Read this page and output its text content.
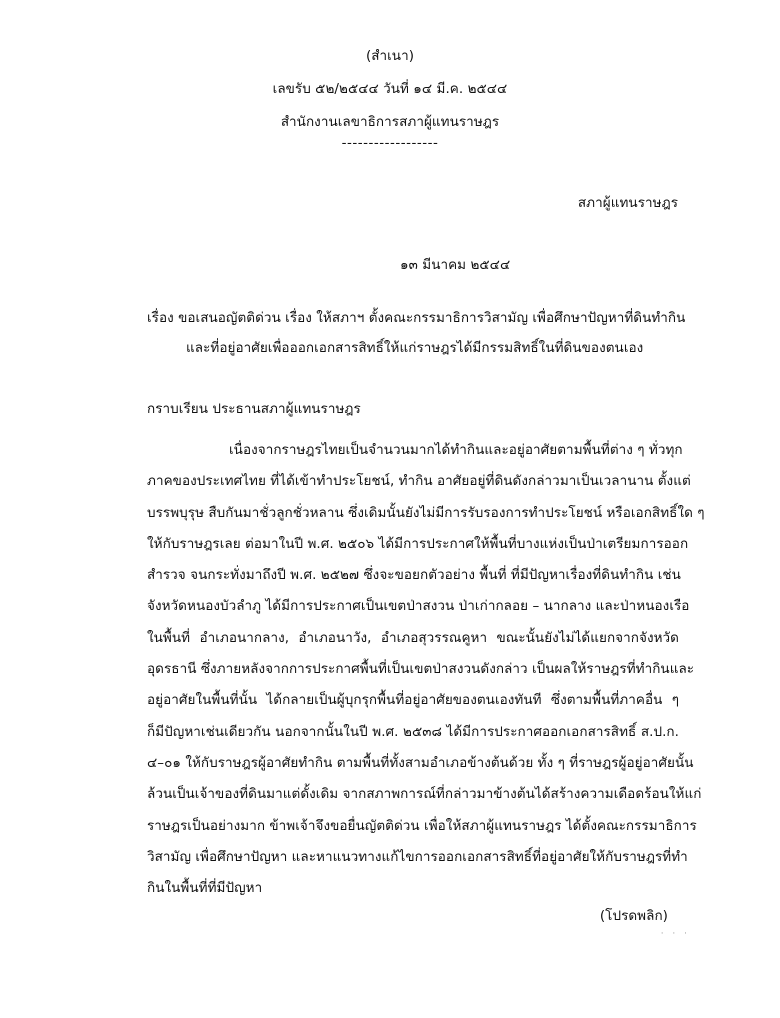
(สำเนา)
เลขรับ ๕๒/๒๕๔๔ วันที่ ๑๔ มี.ค. ๒๕๔๔
สำนักงานเลขาธิการสภาผู้แทนราษฎร
------------------
สภาผู้แทนราษฎร
๑๓ มีนาคม ๒๕๔๔
เรื่อง ขอเสนอญัตติด่วน เรื่อง ให้สภาฯ ตั้งคณะกรรมาธิการวิสามัญ เพื่อศึกษาปัญหาที่ดินทำกิน
และที่อยู่อาศัยเพื่อออกเอกสารสิทธิ์ให้แก่ราษฎรได้มีกรรมสิทธิ์ในที่ดินของตนเอง
กราบเรียน ประธานสภาผู้แทนราษฎร
เนื่องจากราษฎรไทยเป็นจำนวนมากได้ทำกินและอยู่อาศัยตามพื้นที่ต่าง ๆ ทั่วทุก
ภาคของประเทศไทย ที่ได้เข้าทำประโยชน์, ทำกิน อาศัยอยู่ที่ดินดังกล่าวมาเป็นเวลานาน ตั้งแต่
บรรพบุรุษ สืบกันมาชั่วลูกชั่วหลาน ซึ่งเดิมนั้นยังไม่มีการรับรองการทำประโยชน์ หรือเอกสิทธิ์ใด ๆ
ให้กับราษฎรเลย ต่อมาในปี พ.ศ. ๒๕๐๖ ได้มีการประกาศให้พื้นที่บางแห่งเป็นป่าเตรียมการออก
สำรวจ จนกระทั่งมาถึงปี พ.ศ. ๒๕๒๗ ซึ่งจะขอยกตัวอย่าง พื้นที่ ที่มีปัญหาเรื่องที่ดินทำกิน เช่น
จังหวัดหนองบัวลำภู ได้มีการประกาศเป็นเขตป่าสงวน ป่าเก่ากลอย – นากลาง และป่าหนองเรือ
ในพื้นที่ อำเภอนากลาง, อำเภอนาวัง, อำเภอสุวรรณคูหา ขณะนั้นยังไม่ได้แยกจากจังหวัด
อุดรธานี ซึ่งภายหลังจากการประกาศพื้นที่เป็นเขตป่าสงวนดังกล่าว เป็นผลให้ราษฎรที่ทำกินและ
อยู่อาศัยในพื้นที่นั้น ได้กลายเป็นผู้บุกรุกพื้นที่อยู่อาศัยของตนเองทันที ซึ่งตามพื้นที่ภาคอื่น ๆ
ก็มีปัญหาเช่นเดียวกัน นอกจากนั้นในปี พ.ศ. ๒๕๓๘ ได้มีการประกาศออกเอกสารสิทธิ์ ส.ป.ก.
๔–๐๑ ให้กับราษฎรผู้อาศัยทำกิน ตามพื้นที่ทั้งสามอำเภอข้างต้นด้วย ทั้ง ๆ ที่ราษฎรผู้อยู่อาศัยนั้น
ล้วนเป็นเจ้าของที่ดินมาแต่ดั้งเดิม จากสภาพการณ์ที่กล่าวมาข้างต้นได้สร้างความเดือดร้อนให้แก่
ราษฎรเป็นอย่างมาก ข้าพเจ้าจึงขอยื่นญัตติด่วน เพื่อให้สภาผู้แทนราษฎร ได้ตั้งคณะกรรมาธิการ
วิสามัญ เพื่อศึกษาปัญหา และหาแนวทางแก้ไขการออกเอกสารสิทธิ์ที่อยู่อาศัยให้กับราษฎรที่ทำ
กินในพื้นที่ที่มีปัญหา
(โปรดพลิก)
· · ·
